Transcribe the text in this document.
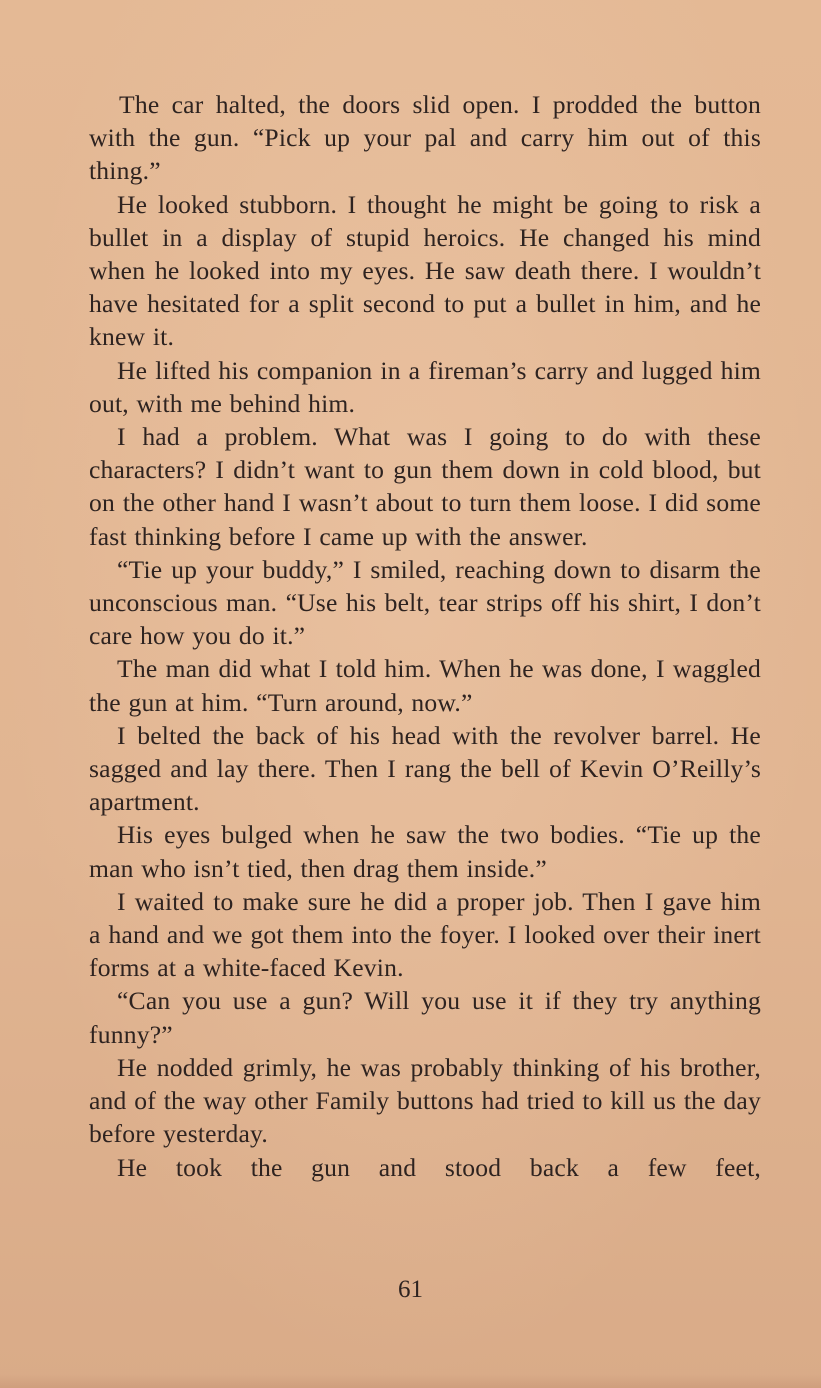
The car halted, the doors slid open. I prodded the button with the gun. “Pick up your pal and carry him out of this thing.”

He looked stubborn. I thought he might be going to risk a bullet in a display of stupid heroics. He changed his mind when he looked into my eyes. He saw death there. I wouldn’t have hesitated for a split second to put a bullet in him, and he knew it.

He lifted his companion in a fireman’s carry and lugged him out, with me behind him.

I had a problem. What was I going to do with these characters? I didn’t want to gun them down in cold blood, but on the other hand I wasn’t about to turn them loose. I did some fast thinking before I came up with the answer.

“Tie up your buddy,” I smiled, reaching down to disarm the unconscious man. “Use his belt, tear strips off his shirt, I don’t care how you do it.”

The man did what I told him. When he was done, I waggled the gun at him. “Turn around, now.”

I belted the back of his head with the revolver barrel. He sagged and lay there. Then I rang the bell of Kevin O’Reilly’s apartment.

His eyes bulged when he saw the two bodies. “Tie up the man who isn’t tied, then drag them inside.”

I waited to make sure he did a proper job. Then I gave him a hand and we got them into the foyer. I looked over their inert forms at a white-faced Kevin.

“Can you use a gun? Will you use it if they try anything funny?”

He nodded grimly, he was probably thinking of his brother, and of the way other Family buttons had tried to kill us the day before yesterday.

He took the gun and stood back a few feet,

61
